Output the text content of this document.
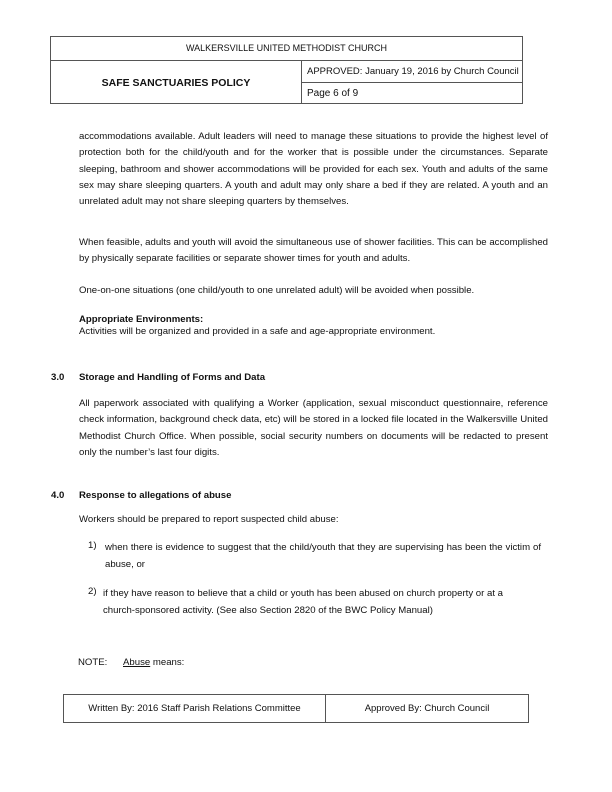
WALKERSVILLE UNITED METHODIST CHURCH
SAFE SANCTUARIES POLICY
APPROVED: January 19, 2016 by Church Council
Page 6 of 9
accommodations available. Adult leaders will need to manage these situations to provide the highest level of protection both for the child/youth and for the worker that is possible under the circumstances. Separate sleeping, bathroom and shower accommodations will be provided for each sex. Youth and adults of the same sex may share sleeping quarters. A youth and adult may only share a bed if they are related. A youth and an unrelated adult may not share sleeping quarters by themselves.
When feasible, adults and youth will avoid the simultaneous use of shower facilities. This can be accomplished by physically separate facilities or separate shower times for youth and adults.
One-on-one situations (one child/youth to one unrelated adult) will be avoided when possible.
Appropriate Environments:
Activities will be organized and provided in a safe and age-appropriate environment.
3.0 Storage and Handling of Forms and Data
All paperwork associated with qualifying a Worker (application, sexual misconduct questionnaire, reference check information, background check data, etc) will be stored in a locked file located in the Walkersville United Methodist Church Office. When possible, social security numbers on documents will be redacted to present only the number’s last four digits.
4.0 Response to allegations of abuse
Workers should be prepared to report suspected child abuse:
1) when there is evidence to suggest that the child/youth that they are supervising has been the victim of abuse, or
2) if they have reason to believe that a child or youth has been abused on church property or at a church-sponsored activity. (See also Section 2820 of the BWC Policy Manual)
NOTE: Abuse means:
Written By: 2016 Staff Parish Relations Committee	Approved By: Church Council
